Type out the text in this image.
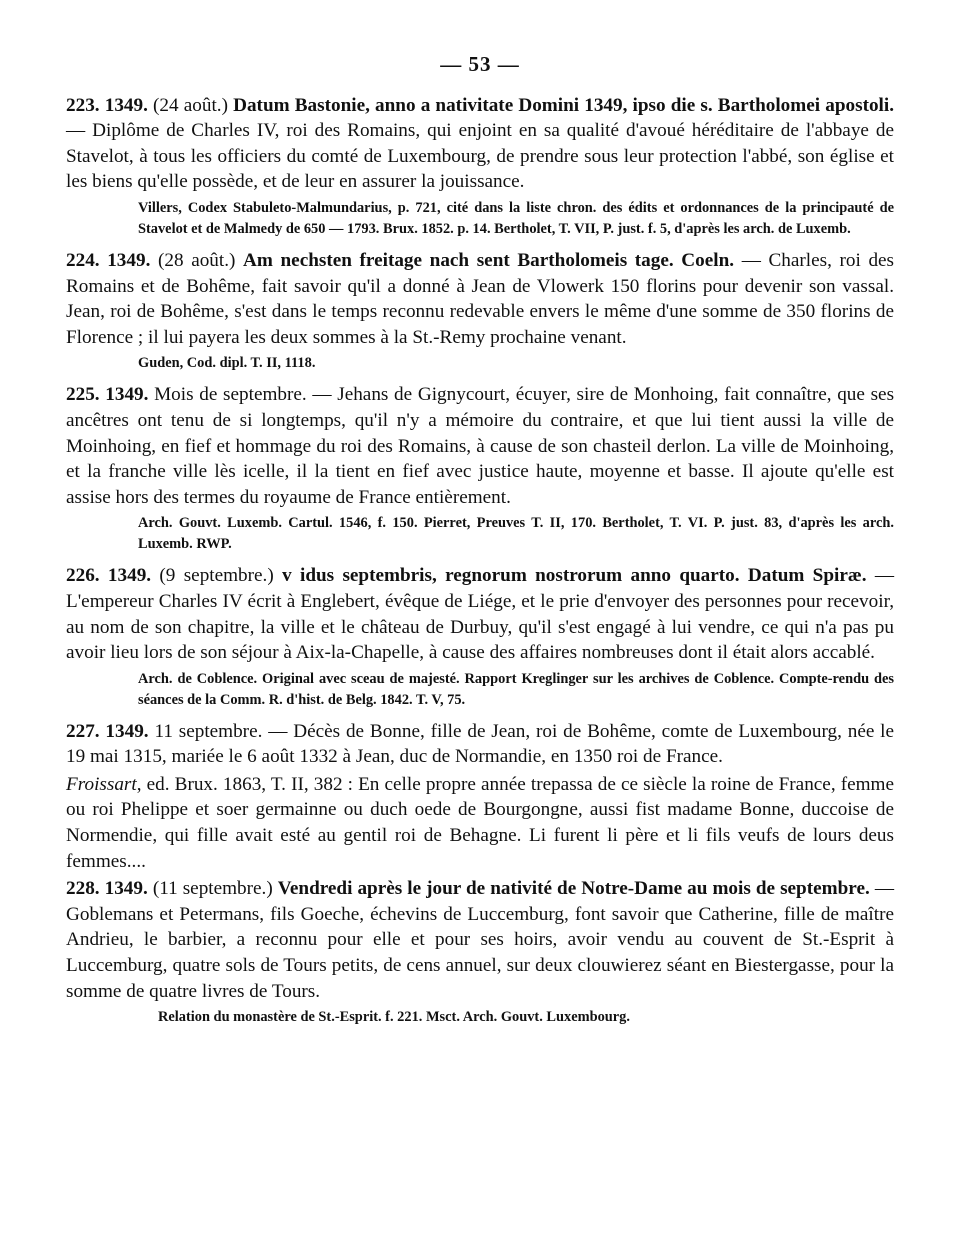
— 53 —

223. 1349. (24 août.) Datum Bastonie, anno a nativitate Domini 1349, ipso die s. Bartholomei apostoli. — Diplôme de Charles IV, roi des Romains, qui enjoint en sa qualité d'avoué héréditaire de l'abbaye de Stavelot, à tous les officiers du comté de Luxembourg, de prendre sous leur protection l'abbé, son église et les biens qu'elle possède, et de leur en assurer la jouissance.

Villers, Codex Stabuleto-Malmundarius, p. 721, cité dans la liste chron. des édits et ordonnances de la principauté de Stavelot et de Malmedy de 650 — 1793. Brux. 1852. p. 14. Bertholet, T. VII, P. just. f. 5, d'après les arch. de Luxemb.

224. 1349. (28 août.) Am nechsten freitage nach sent Bartholomeis tage. Coeln. — Charles, roi des Romains et de Bohême, fait savoir qu'il a donné à Jean de Vlowerk 150 florins pour devenir son vassal. Jean, roi de Bohême, s'est dans le temps reconnu redevable envers le même d'une somme de 350 florins de Florence ; il lui payera les deux sommes à la St.-Remy prochaine venant.

Guden, Cod. dipl. T. II, 1118.

225. 1349. Mois de septembre. — Jehans de Gignycourt, écuyer, sire de Monhoing, fait connaître, que ses ancêtres ont tenu de si longtemps, qu'il n'y a mémoire du contraire, et que lui tient aussi la ville de Moinhoing, en fief et hommage du roi des Romains, à cause de son chasteil derlon. La ville de Moinhoing, et la franche ville lès icelle, il la tient en fief avec justice haute, moyenne et basse. Il ajoute qu'elle est assise hors des termes du royaume de France entièrement.

Arch. Gouvt. Luxemb. Cartul. 1546, f. 150. Pierret, Preuves T. II, 170. Bertholet, T. VI. P. just. 83, d'après les arch. Luxemb. RWP.

226. 1349. (9 septembre.) v idus septembris, regnorum nostrorum anno quarto. Datum Spiræ. — L'empereur Charles IV écrit à Englebert, évêque de Liége, et le prie d'envoyer des personnes pour recevoir, au nom de son chapitre, la ville et le château de Durbuy, qu'il s'est engagé à lui vendre, ce qui n'a pas pu avoir lieu lors de son séjour à Aix-la-Chapelle, à cause des affaires nombreuses dont il était alors accablé.

Arch. de Coblence. Original avec sceau de majesté. Rapport Kreglinger sur les archives de Coblence. Compte-rendu des séances de la Comm. R. d'hist. de Belg. 1842. T. V, 75.

227. 1349. 11 septembre. — Décès de Bonne, fille de Jean, roi de Bohême, comte de Luxembourg, née le 19 mai 1315, mariée le 6 août 1332 à Jean, duc de Normandie, en 1350 roi de France.

Froissart, ed. Brux. 1863, T. II, 382 : En celle propre année trepassa de ce siècle la roine de France, femme ou roi Phelippe et soer germainne ou duch oede de Bourgongne, aussi fist madame Bonne, duccoise de Normendie, qui fille avait esté au gentil roi de Behagne. Li furent li père et li fils veufs de lours deus femmes....

228. 1349. (11 septembre.) Vendredi après le jour de nativité de Notre-Dame au mois de septembre. — Goblemans et Petermans, fils Goeche, échevins de Luccemburg, font savoir que Catherine, fille de maître Andrieu, le barbier, a reconnu pour elle et pour ses hoirs, avoir vendu au couvent de St.-Esprit à Luccemburg, quatre sols de Tours petits, de cens annuel, sur deux clouwierez séant en Biestergasse, pour la somme de quatre livres de Tours.

Relation du monastère de St.-Esprit. f. 221. Msct. Arch. Gouvt. Luxembourg.
